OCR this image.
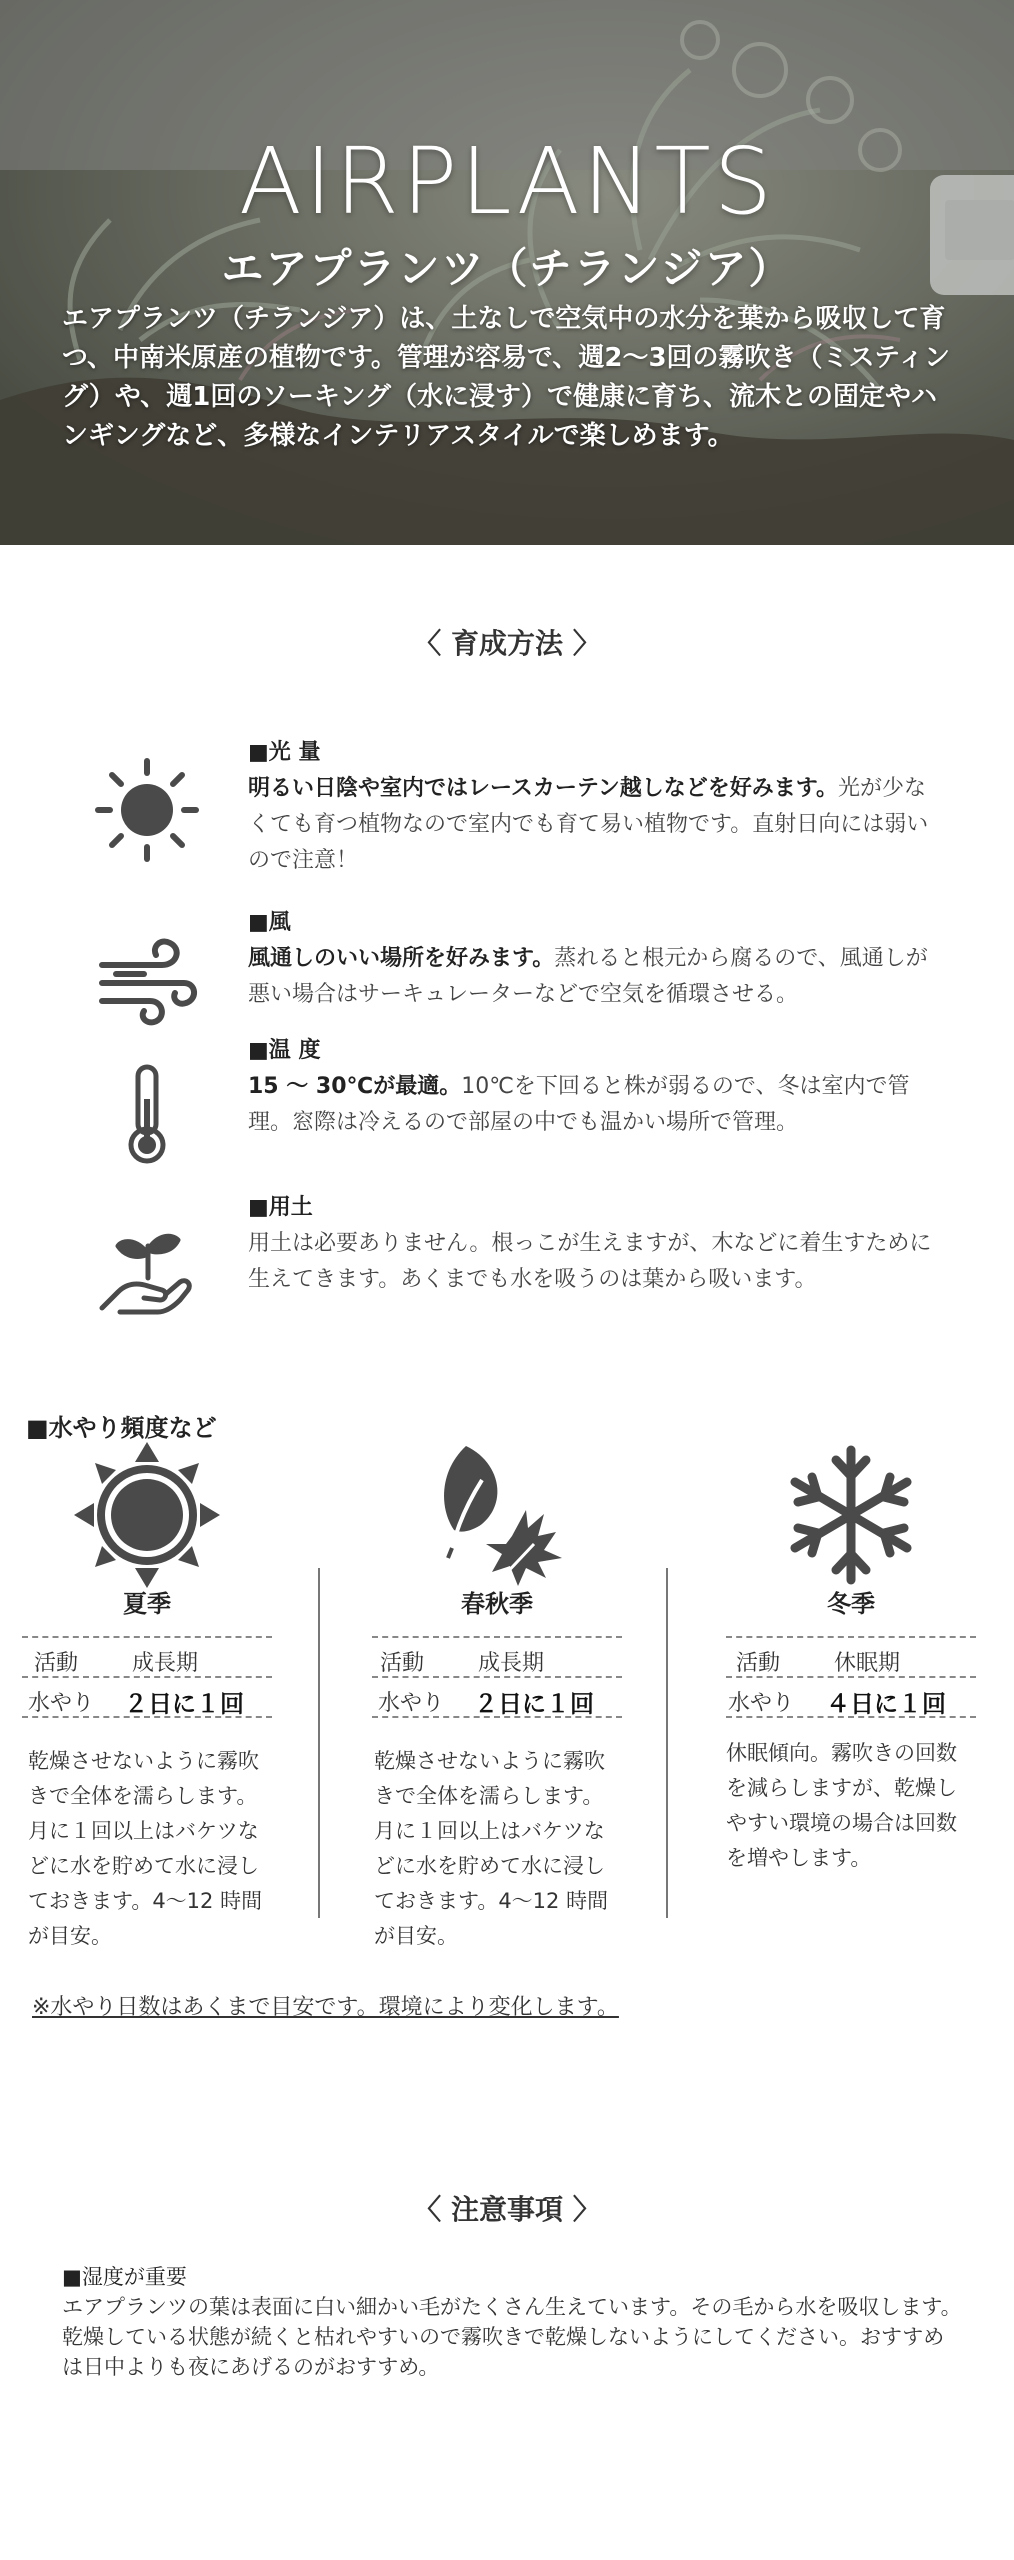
AIRPLANTS
エアプランツ（チランジア）
エアプランツ（チランジア）は、土なしで空気中の水分を葉から吸収して育つ、中南米原産の植物です。管理が容易で、週2〜3回の霧吹き（ミスティング）や、週1回のソーキング（水に浸す）で健康に育ち、流木との固定やハンギングなど、多様なインテリアスタイルで楽しめます。
〈 育成方法 〉
■光 量
明るい日陰や室内ではレースカーテン越しなどを好みます。光が少なくても育つ植物なので室内でも育て易い植物です。直射日向には弱いので注意！
■風
風通しのいい場所を好みます。蒸れると根元から腐るので、風通しが悪い場合はサーキュレーターなどで空気を循環させる。
■温 度
15 〜 30℃が最適。10℃を下回ると株が弱るので、冬は室内で管理。窓際は冷えるので部屋の中でも温かい場所で管理。
■用土
用土は必要ありません。根っこが生えますが、木などに着生すために生えてきます。あくまでも水を吸うのは葉から吸います。
■水やり頻度など
夏季
活動 成長期
水やり ２日に１回
乾燥させないように霧吹きで全体を濡らします。月に１回以上はバケツなどに水を貯めて水に浸しておきます。4〜12 時間が目安。
春秋季
活動 成長期
水やり ２日に１回
乾燥させないように霧吹きで全体を濡らします。月に１回以上はバケツなどに水を貯めて水に浸しておきます。4〜12 時間が目安。
冬季
活動 休眠期
水やり ４日に１回
休眠傾向。霧吹きの回数を減らしますが、乾燥しやすい環境の場合は回数を増やします。
※水やり日数はあくまで目安です。環境により変化します。
〈 注意事項 〉
■湿度が重要
エアプランツの葉は表面に白い細かい毛がたくさん生えています。その毛から水を吸収します。乾燥している状態が続くと枯れやすいので霧吹きで乾燥しないようにしてください。おすすめは日中よりも夜にあげるのがおすすめ。
